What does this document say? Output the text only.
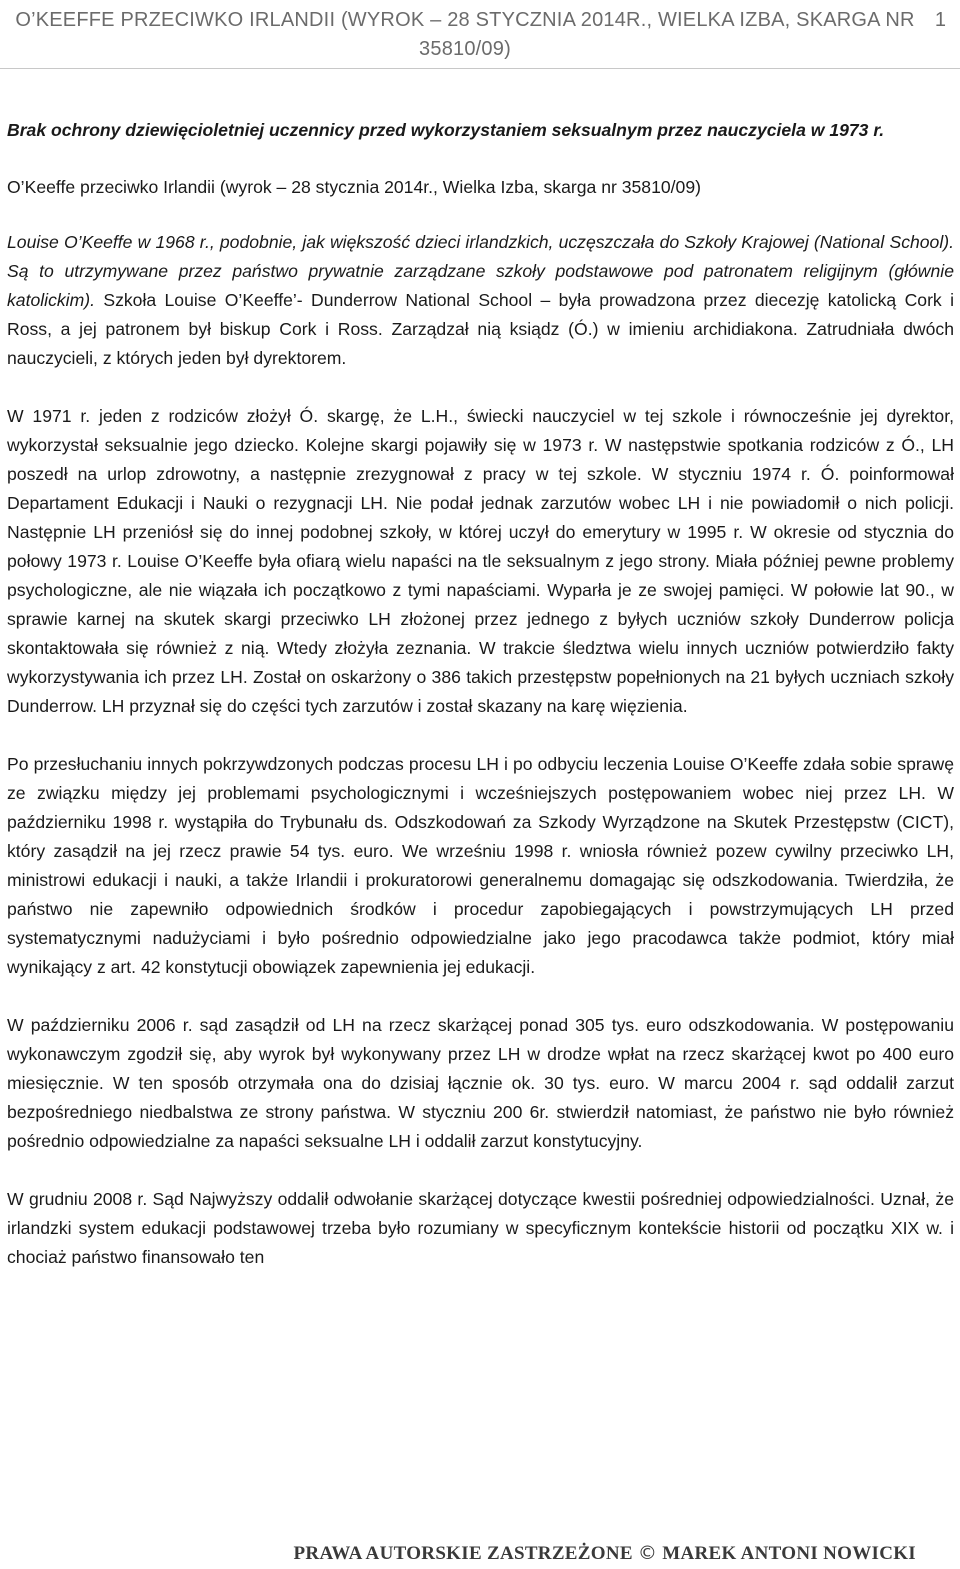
O’KEEFFE PRZECIWKO IRLANDII (WYROK – 28 STYCZNIA 2014R., WIELKA IZBA, SKARGA NR 35810/09)
1

Brak ochrony dziewięcioletniej uczennicy przed wykorzystaniem seksualnym przez nauczyciela w 1973 r.

O’Keeffe przeciwko Irlandii (wyrok – 28 stycznia 2014r., Wielka Izba, skarga nr 35810/09)

Louise O’Keeffe w 1968 r., podobnie, jak większość dzieci irlandzkich, uczęszczała do Szkoły Krajowej (National School). Są to utrzymywane przez państwo prywatnie zarządzane szkoły podstawowe pod patronatem religijnym (głównie katolickim). Szkoła Louise O’Keeffe’- Dunderrow National School – była prowadzona przez diecezję katolicką Cork i Ross, a jej patronem był biskup Cork i Ross. Zarządzał nią ksiądz (Ó.) w imieniu archidiakona. Zatrudniała dwóch nauczycieli, z których jeden był dyrektorem.

W 1971 r. jeden z rodziców złożył Ó. skargę, że L.H., świecki nauczyciel w tej szkole i równocześnie jej dyrektor, wykorzystał seksualnie jego dziecko. Kolejne skargi pojawiły się w 1973 r. W następstwie spotkania rodziców z Ó., LH poszedł na urlop zdrowotny, a następnie zrezygnował z pracy w tej szkole. W styczniu 1974 r. Ó. poinformował Departament Edukacji i Nauki o rezygnacji LH. Nie podał jednak zarzutów wobec LH i nie powiadomił o nich policji. Następnie LH przeniósł się do innej podobnej szkoły, w której uczył do emerytury w 1995 r. W okresie od stycznia do połowy 1973 r. Louise O’Keeffe była ofiarą wielu napaści na tle seksualnym z jego strony. Miała później pewne problemy psychologiczne, ale nie wiązała ich początkowo z tymi napaściami. Wyparła je ze swojej pamięci. W połowie lat 90., w sprawie karnej na skutek skargi przeciwko LH złożonej przez jednego z byłych uczniów szkoły Dunderrow policja skontaktowała się również z nią. Wtedy złożyła zeznania. W trakcie śledztwa wielu innych uczniów potwierdziło fakty wykorzystywania ich przez LH. Został on oskarżony o 386 takich przestępstw popełnionych na 21 byłych uczniach szkoły Dunderrow. LH przyznał się do części tych zarzutów i został skazany na karę więzienia.

Po przesłuchaniu innych pokrzywdzonych podczas procesu LH i po odbyciu leczenia Louise O’Keeffe zdała sobie sprawę ze związku między jej problemami psychologicznymi i wcześniejszych postępowaniem wobec niej przez LH. W październiku 1998 r. wystąpiła do Trybunału ds. Odszkodowań za Szkody Wyrządzone na Skutek Przestępstw (CICT), który zasądził na jej rzecz prawie 54 tys. euro. We wrześniu 1998 r. wniosła również pozew cywilny przeciwko LH, ministrowi edukacji i nauki, a także Irlandii i prokuratorowi generalnemu domagając się odszkodowania. Twierdziła, że państwo nie zapewniło odpowiednich środków i procedur zapobiegających i powstrzymujących LH przed systematycznymi nadużyciami i było pośrednio odpowiedzialne jako jego pracodawca także podmiot, który miał wynikający z art. 42 konstytucji obowiązek zapewnienia jej edukacji.

W październiku 2006 r. sąd zasądził od LH na rzecz skarżącej ponad 305 tys. euro odszkodowania. W postępowaniu wykonawczym zgodził się, aby wyrok był wykonywany przez LH w drodze wpłat na rzecz skarżącej kwot po 400 euro miesięcznie. W ten sposób otrzymała ona do dzisiaj łącznie ok. 30 tys. euro. W marcu 2004 r. sąd oddalił zarzut bezpośredniego niedbalstwa ze strony państwa. W styczniu 200 6r. stwierdził natomiast, że państwo nie było również pośrednio odpowiedzialne za napaści seksualne LH i oddalił zarzut konstytucyjny.

W grudniu 2008 r. Sąd Najwyższy oddalił odwołanie skarżącej dotyczące kwestii pośredniej odpowiedzialności. Uznał, że irlandzki system edukacji podstawowej trzeba było rozumiany w specyficznym kontekście historii od początku XIX w. i chociaż państwo finansowało ten

PRAWA AUTORSKIE ZASTRZEŻONE © MAREK ANTONI NOWICKI
